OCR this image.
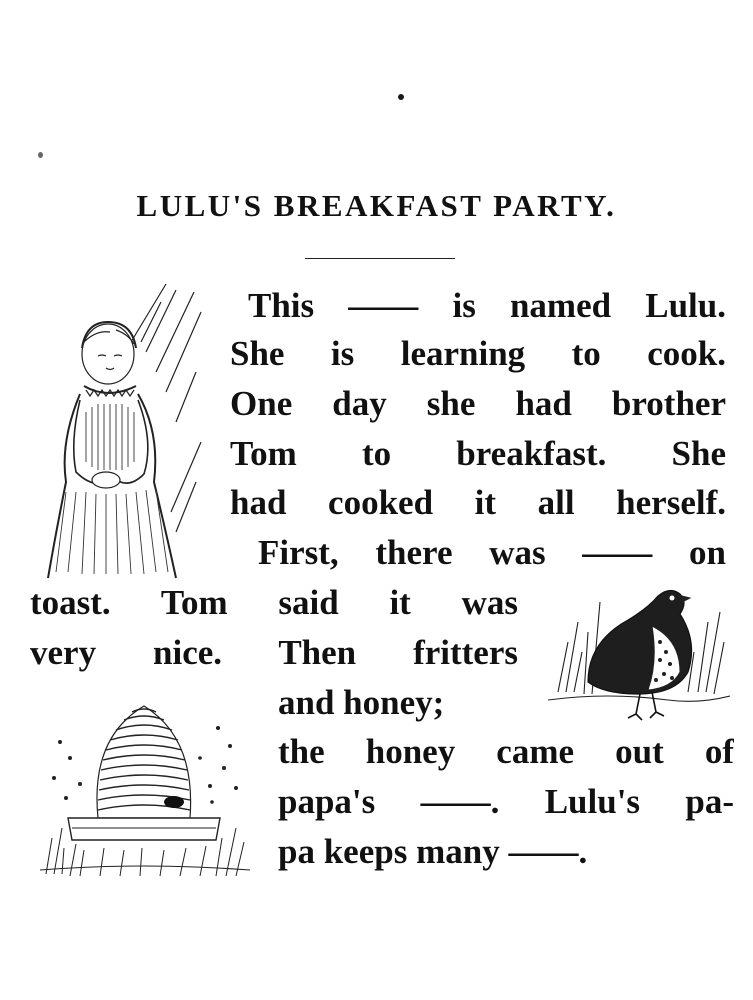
LULU'S BREAKFAST PARTY.
This —— is named Lulu.
She is learning to cook.
One day she had brother
Tom to breakfast. She
had cooked it all herself.
First, there was —— on
toast. Tom said it was
very nice. Then fritters
and honey;
the honey came out of
papa's ——. Lulu's pa-
pa keeps many ——.
